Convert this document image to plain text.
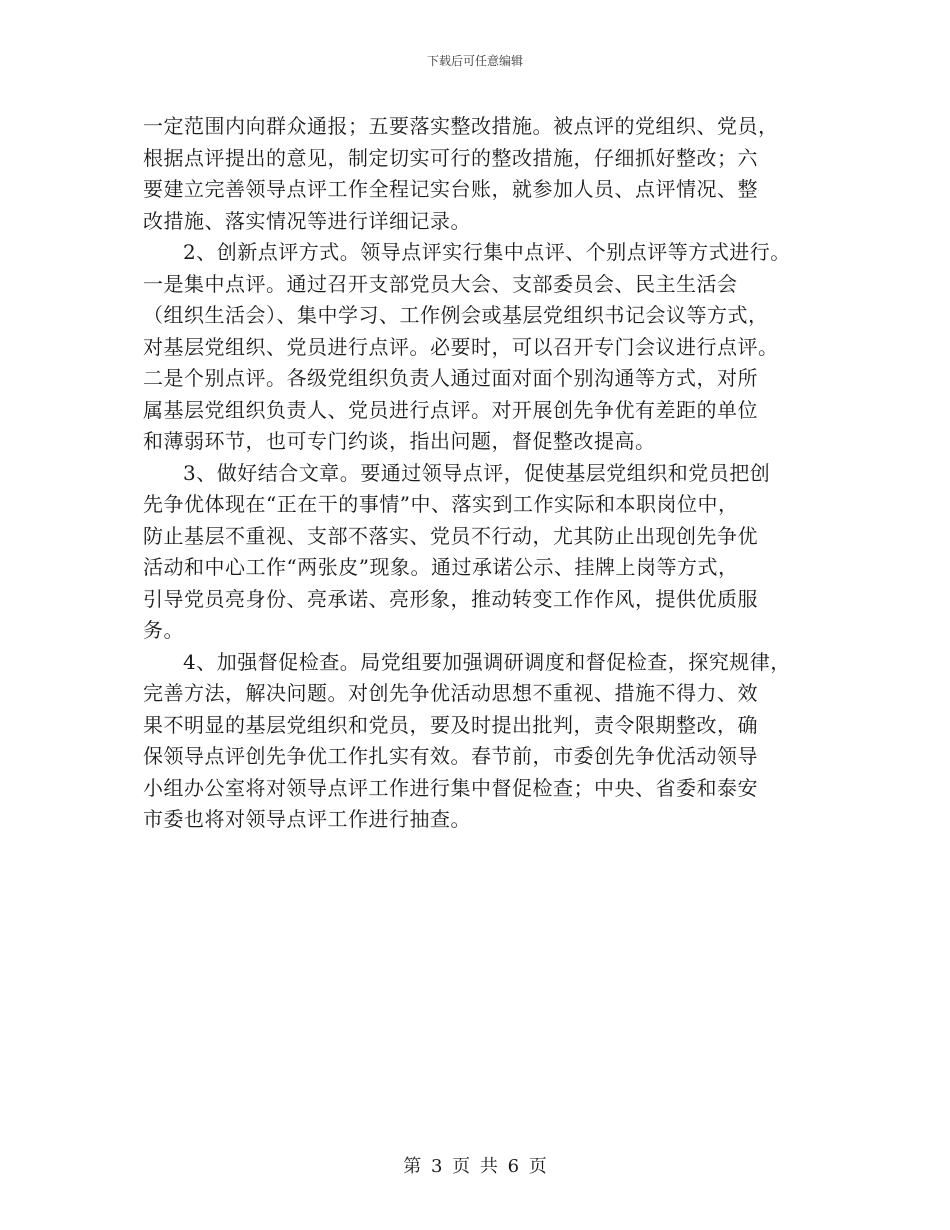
下载后可任意编辑

一定范围内向群众通报；五要落实整改措施。被点评的党组织、党员，
根据点评提出的意见，制定切实可行的整改措施，仔细抓好整改；六
要建立完善领导点评工作全程记实台账，就参加人员、点评情况、整
改措施、落实情况等进行详细记录。

2、创新点评方式。领导点评实行集中点评、个别点评等方式进行。
一是集中点评。通过召开支部党员大会、支部委员会、民主生活会
（组织生活会）、集中学习、工作例会或基层党组织书记会议等方式，
对基层党组织、党员进行点评。必要时，可以召开专门会议进行点评。
二是个别点评。各级党组织负责人通过面对面个别沟通等方式，对所
属基层党组织负责人、党员进行点评。对开展创先争优有差距的单位
和薄弱环节，也可专门约谈，指出问题，督促整改提高。

3、做好结合文章。要通过领导点评，促使基层党组织和党员把创
先争优体现在“正在干的事情”中、落实到工作实际和本职岗位中，
防止基层不重视、支部不落实、党员不行动，尤其防止出现创先争优
活动和中心工作“两张皮”现象。通过承诺公示、挂牌上岗等方式，
引导党员亮身份、亮承诺、亮形象，推动转变工作作风，提供优质服
务。

4、加强督促检查。局党组要加强调研调度和督促检查，探究规律，
完善方法，解决问题。对创先争优活动思想不重视、措施不得力、效
果不明显的基层党组织和党员，要及时提出批判，责令限期整改，确
保领导点评创先争优工作扎实有效。春节前，市委创先争优活动领导
小组办公室将对领导点评工作进行集中督促检查；中央、省委和泰安
市委也将对领导点评工作进行抽查。

第 3 页 共 6 页
